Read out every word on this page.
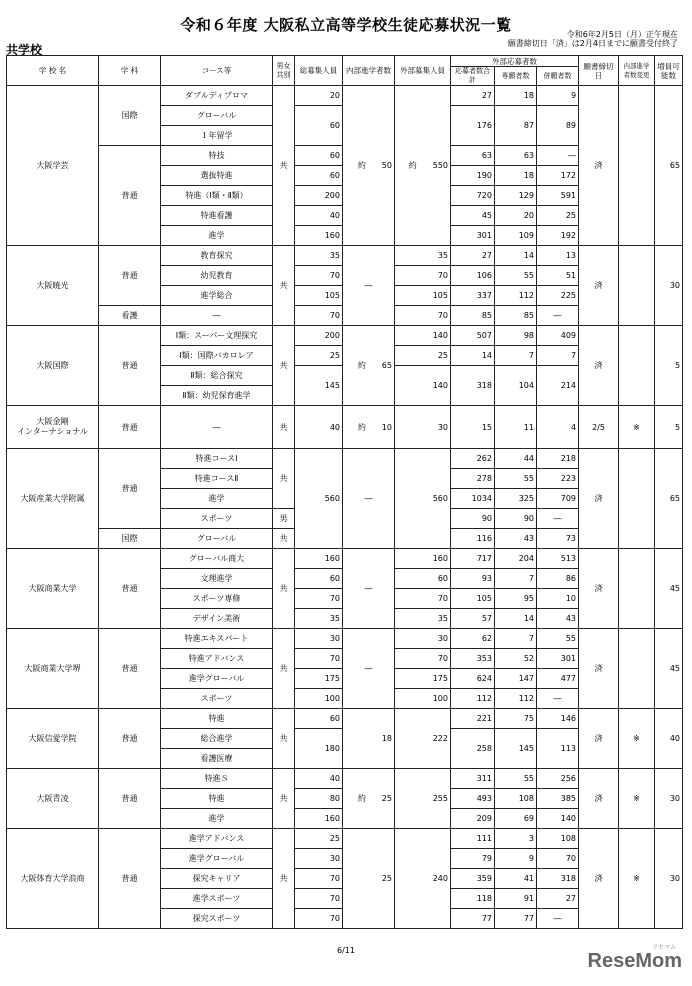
令和６年度 大阪私立高等学校生徒応募状況一覧
令和6年2月5日（月）正午現在
願書締切日「済」は2月4日までに願書受付終了
共学校
学 校 名	学 科	コース等	男女共別	総募集人員	内部進学者数	外部募集人員	外部応募者数			願書締切日	内部進学者数変更	増員可能数
							応募者数合計	専願者数	併願者数			
大阪学芸	国際	ダブルディプロマ	共	20	約　　50	約　　550	27	18	9	済		65
		グローバル		60			176	87	89			
		１年留学										
	普通	特技		60			63	63	―			
		選抜特進		60			190	18	172			
		特進（Ⅰ類・Ⅱ類）		200			720	129	591			
		特進看護		40			45	20	25			
		進学		160			301	109	192			
大阪暁光	普通	教育探究	共	35	―	35	27	14	13	済		30
		幼児教育		70		70	106	55	51			
		進学総合		105		105	337	112	225			
	看護	―		70		70	85	85	―			
大阪国際	普通	Ⅰ類：スーパー文理探究	共	200	約　　65	140	507	98	409	済		5
		Ⅰ類：国際バカロレア		25		25	14	7	7			
		Ⅱ類：総合探究		145		140	318	104	214			
		Ⅱ類：幼児保育進学										

大阪金剛
インターナショナル	普通	―	共	40	約　　10	30	15	11	4	2/5	※	5
大阪産業大学附属	普通	特進コースⅠ	共	560	―	560	262	44	218	済		65
		特進コースⅡ					278	55	223			
		進学					1034	325	709			
		スポーツ	男				90	90	―			
	国際	グローバル	共				116	43	73			
大阪商業大学	普通	グローバル商大	共	160	―	160	717	204	513	済		45
		文理進学		60		60	93	7	86			
		スポーツ専修		70		70	105	95	10			
		デザイン美術		35		35	57	14	43			
大阪商業大学堺	普通	特進エキスパート	共	30	―	30	62	7	55	済		45
		特進アドバンス		70		70	353	52	301			
		進学グローバル		175		175	624	147	477			
		スポーツ		100		100	112	112	―			
大阪信愛学院	普通	特進	共	60	18	222	221	75	146	済	※	40
		総合進学		180			258	145	113			
		看護医療										
大阪青凌	普通	特進Ｓ	共	40	約　　25	255	311	55	256	済	※	30
		特進		80			493	108	385			
		進学		160			209	69	140			
大阪体育大学浪商	普通	進学アドバンス	共	25	25	240	111	3	108	済	※	30
		進学グローバル		30			79	9	70			
		探究キャリア		70			359	41	318			
		進学スポーツ		70			118	91	27			
		探究スポーツ		70			77	77	―			
6/11	リセマム
ReseMom
